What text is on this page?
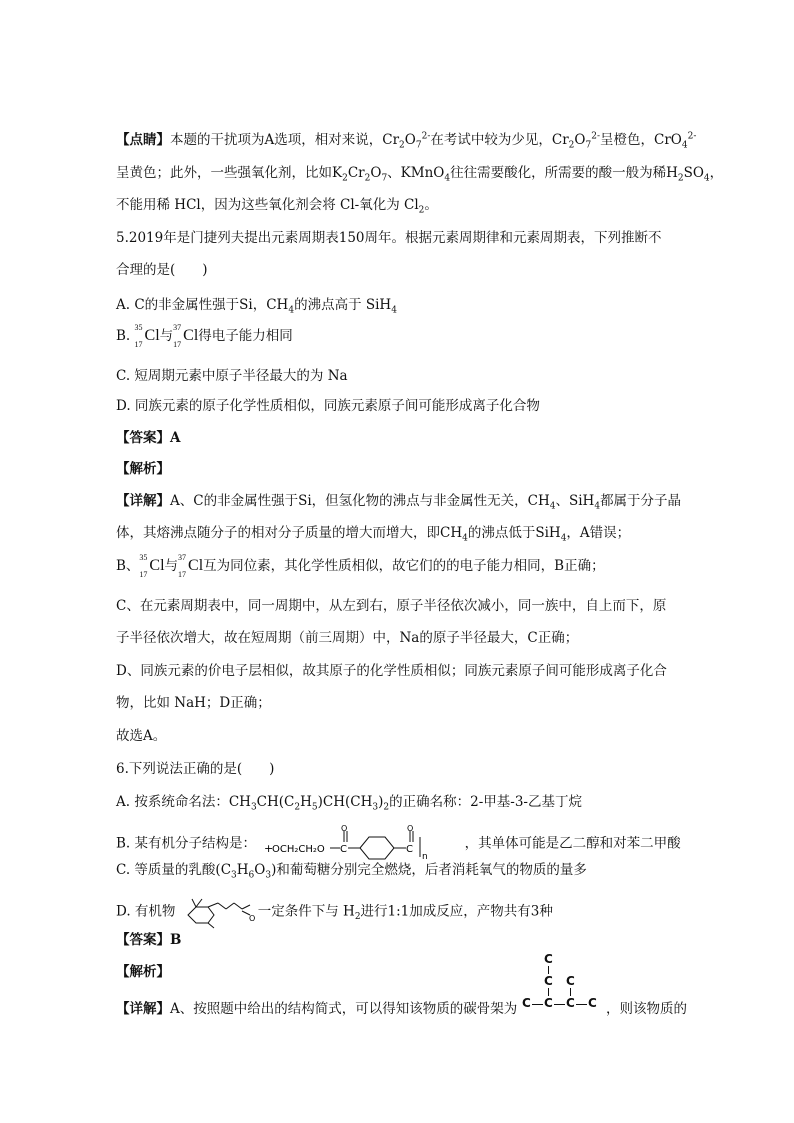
【点睛】本题的干扰项为A选项，相对来说，$Cr_2O_7^{2-}$在考试中较为少见，$Cr_2O_7^{2-}$呈橙色，CrO$_4^{2-}$
呈黄色；此外，一些强氧化剂，比如$K_2Cr_2O_7$、KMnO$_4$往往需要酸化，所需要的酸一般为稀$H_2SO_4$，
不能用稀 HCl，因为这些氧化剂会将 Cl-氧化为 $Cl_2$。
5.2019年是门捷列夫提出元素周期表150周年。根据元素周期律和元素周期表，下列推断不
合理的是(　　)
A. C的非金属性强于Si，$CH_4$的沸点高于 SiH$_4$
B.
35
17
Cl与
37
17
Cl得电子能力相同
C. 短周期元素中原子半径最大的为 Na
D. 同族元素的原子化学性质相似，同族元素原子间可能形成离子化合物
【答案】A
【解析】
【详解】A、C的非金属性强于Si，但氢化物的沸点与非金属性无关，$CH_4$、SiH$_4$都属于分子晶
体，其熔沸点随分子的相对分子质量的增大而增大，即$CH_4$的沸点低于SiH$_4$，A错误；
B、
35
17
Cl与
37
17
Cl互为同位素，其化学性质相似，故它们的的电子能力相同，B正确；
C、在元素周期表中，同一周期中，从左到右，原子半径依次减小，同一族中，自上而下，原
子半径依次增大，故在短周期（前三周期）中，Na的原子半径最大，C正确；
D、同族元素的价电子层相似，故其原子的化学性质相似；同族元素原子间可能形成离子化合
物，比如 NaH；D正确；
故选A。
6.下列说法正确的是(　　)
A. 按系统命名法：$CH_3CH(C_2H_5)CH(CH_3)_2$的正确名称：2-甲基-3-乙基丁烷
B. 某有机分子结构是： +
OCH₂CH₂O C
O
C
O
n
，其单体可能是乙二醇和对苯二甲酸
C. 等质量的乳酸$(C_3H_6O_3)$和葡萄糖分别完全燃烧，后者消耗氧气的物质的量多
D. 有机物	O 一定条件下与 $H_2$进行1:1加成反应，产物共有3种
【答案】B
【解析】
【详解】A、按照题中给出的结构简式，可以得知该物质的碳骨架为
C
C C
C C C C ，则该物质的
